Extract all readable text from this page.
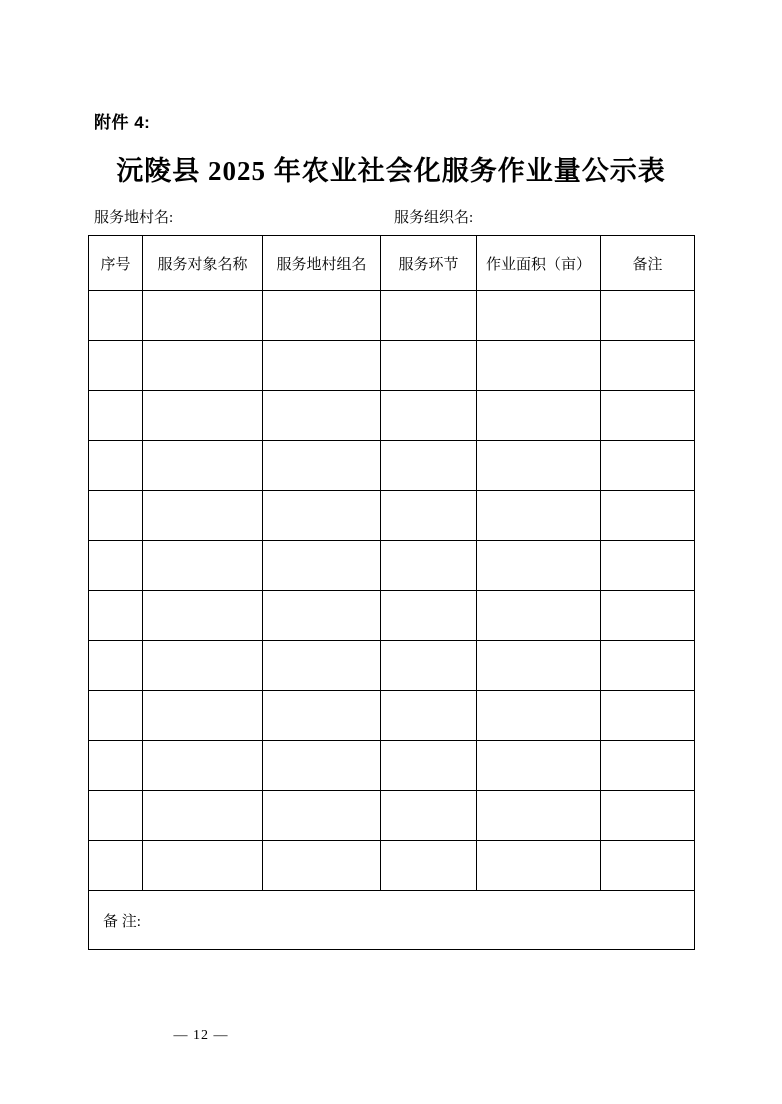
附件 4:
沅陵县 2025 年农业社会化服务作业量公示表
服务地村名:	服务组织名:
序号	服务对象名称	服务地村组名	服务环节	作业面积（亩）	备注

备 注:					
— 12 —
